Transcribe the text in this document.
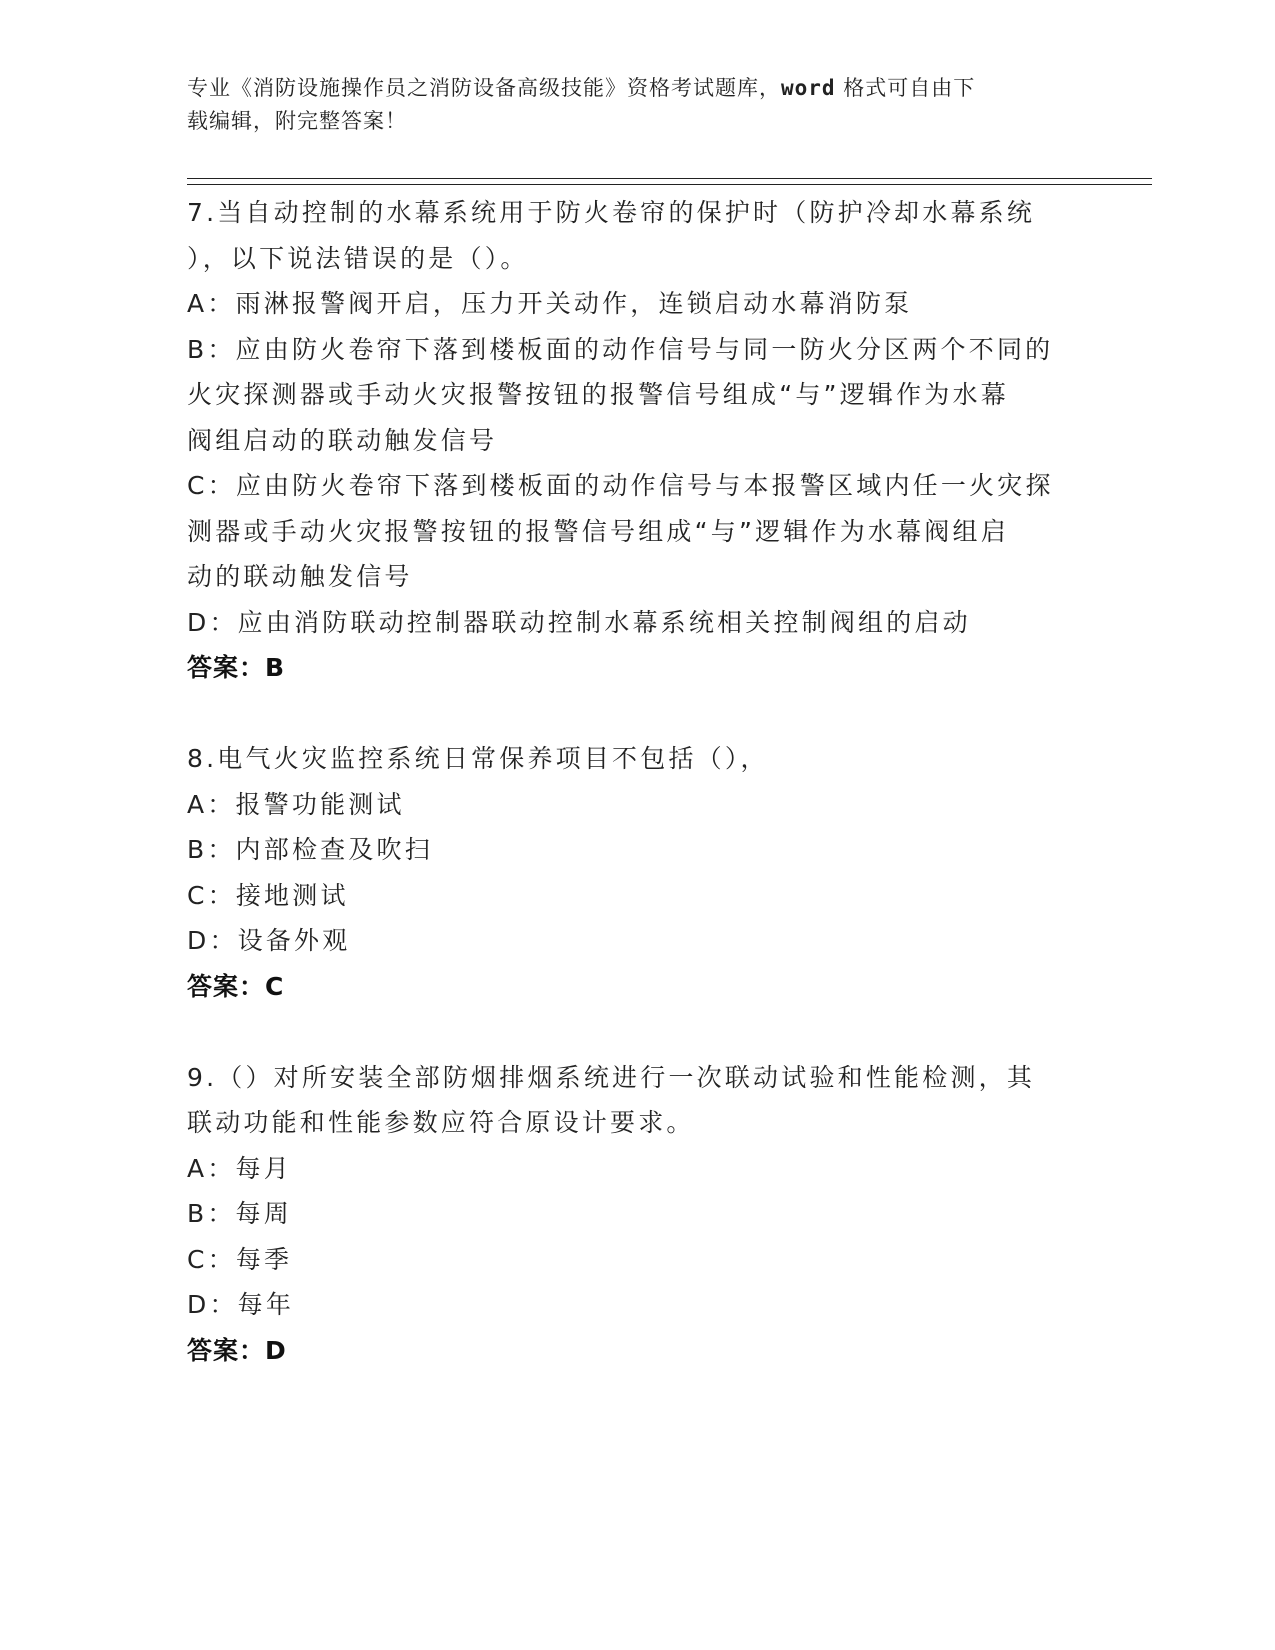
专业《消防设施操作员之消防设备高级技能》资格考试题库，word 格式可自由下
载编辑，附完整答案！
7.当自动控制的水幕系统用于防火卷帘的保护时（防护冷却水幕系统
），以下说法错误的是（）。
A：雨淋报警阀开启，压力开关动作，连锁启动水幕消防泵
B：应由防火卷帘下落到楼板面的动作信号与同一防火分区两个不同的
火灾探测器或手动火灾报警按钮的报警信号组成“与”逻辑作为水幕
阀组启动的联动触发信号
C：应由防火卷帘下落到楼板面的动作信号与本报警区域内任一火灾探
测器或手动火灾报警按钮的报警信号组成“与”逻辑作为水幕阀组启
动的联动触发信号
D：应由消防联动控制器联动控制水幕系统相关控制阀组的启动
答案：B
8.电气火灾监控系统日常保养项目不包括（），
A：报警功能测试
B：内部检查及吹扫
C：接地测试
D：设备外观
答案：C
9.（）对所安装全部防烟排烟系统进行一次联动试验和性能检测，其
联动功能和性能参数应符合原设计要求。
A：每月
B：每周
C：每季
D：每年
答案：D
